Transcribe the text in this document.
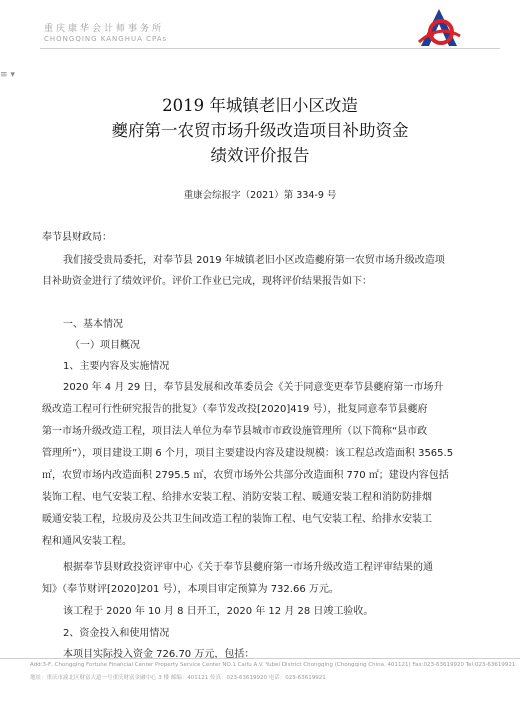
≡ ▾
重庆康华会计师事务所
CHONGQING KANGHUA CPAs
2019 年城镇老旧小区改造
夔府第一农贸市场升级改造项目补助资金
绩效评价报告
重康会综报字（2021）第 334-9 号
奉节县财政局：
我们接受贵局委托，对奉节县 2019 年城镇老旧小区改造夔府第一农贸市场升级改造项
目补助资金进行了绩效评价。评价工作业已完成，现将评价结果报告如下：
一、基本情况
（一）项目概况
1、主要内容及实施情况
2020 年 4 月 29 日，奉节县发展和改革委员会《关于同意变更奉节县夔府第一市场升
级改造工程可行性研究报告的批复》（奉节发改投[2020]419 号），批复同意奉节县夔府
第一市场升级改造工程，项目法人单位为奉节县城市市政设施管理所（以下简称“县市政
管理所”），项目建设工期 6 个月，项目主要建设内容及建设规模：该工程总改造面积 3565.5
㎡，农贸市场内改造面积 2795.5 ㎡，农贸市场外公共部分改造面积 770 ㎡；建设内容包括
装饰工程、电气安装工程、给排水安装工程、消防安装工程、暖通安装工程和消防防排烟
暖通安装工程，垃圾房及公共卫生间改造工程的装饰工程、电气安装工程、给排水安装工
程和通风安装工程。
根据奉节县财政投资评审中心《关于奉节县夔府第一市场升级改造工程评审结果的通
知》（奉节财评[2020]201 号），本项目审定预算为 732.66 万元。
该工程于 2020 年 10 月 8 日开工，2020 年 12 月 28 日竣工验收。
2、资金投入和使用情况
本项目实际投入资金 726.70 万元，包括：
Add:3-F, Chongqing Fortune Financial Center Property Service Center NO.1 Caifu A.V. Yubei District Chongqing (Chongqing China. 401121) Fax:023-63619920 Tel:023-63619921
地址：重庆市渝北区财富大道一号重庆财富金融中心 3 楼 邮编：401121 传真：023-63619920 电话：023-63619921
